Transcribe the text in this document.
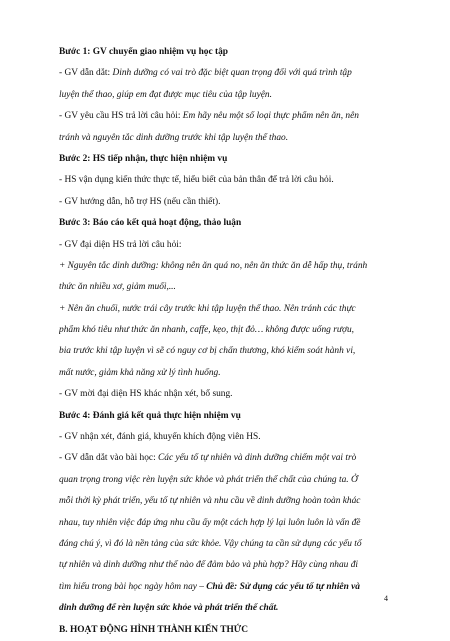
Bước 1: GV chuyển giao nhiệm vụ học tập
- GV dẫn dắt: Dinh dưỡng có vai trò đặc biệt quan trọng đối với quá trình tập
luyện thể thao, giúp em đạt được mục tiêu của tập luyện.
- GV yêu cầu HS trả lời câu hỏi: Em hãy nêu một số loại thực phẩm nên ăn, nên
tránh và nguyên tắc dinh dưỡng trước khi tập luyện thể thao.
Bước 2: HS tiếp nhận, thực hiện nhiệm vụ
- HS vận dụng kiến thức thực tế, hiểu biết của bản thân để trả lời câu hỏi.
- GV hướng dẫn, hỗ trợ HS (nếu cần thiết).
Bước 3: Báo cáo kết quả hoạt động, thảo luận
- GV đại diện HS trả lời câu hỏi:
+ Nguyên tắc dinh dưỡng: không nên ăn quá no, nên ăn thức ăn dễ hấp thụ, tránh
thức ăn nhiều xơ, giảm muối,...
+ Nên ăn chuối, nước trái cây trước khi tập luyện thể thao. Nên tránh các thực
phẩm khó tiêu như thức ăn nhanh, caffe, kẹo, thịt đỏ… không được uống rượu,
bia trước khi tập luyện vì sẽ có nguy cơ bị chấn thương, khó kiểm soát hành vi,
mất nước, giảm khả năng xử lý tình huống.
- GV mời đại diện HS khác nhận xét, bổ sung.
Bước 4: Đánh giá kết quả thực hiện nhiệm vụ
- GV nhận xét, đánh giá, khuyến khích động viên HS.
- GV dẫn dắt vào bài học: Các yếu tố tự nhiên và dinh dưỡng chiếm một vai trò
quan trọng trong việc rèn luyện sức khỏe và phát triển thể chất của chúng ta. Ở
mỗi thời kỳ phát triển, yếu tố tự nhiên và nhu cầu về dinh dưỡng hoàn toàn khác
nhau, tuy nhiên việc đáp ứng nhu cầu ấy một cách hợp lý lại luôn luôn là vấn đề
đáng chú ý, vì đó là nền tảng của sức khỏe. Vậy chúng ta cần sử dụng các yếu tố
tự nhiên và dinh dưỡng như thế nào để đảm bảo và phù hợp? Hãy cùng nhau đi
tìm hiểu trong bài học ngày hôm nay – Chủ đề: Sử dụng các yếu tố tự nhiên và
dinh dưỡng để rèn luyện sức khỏe và phát triển thể chất.
B. HOẠT ĐỘNG HÌNH THÀNH KIẾN THỨC
4
